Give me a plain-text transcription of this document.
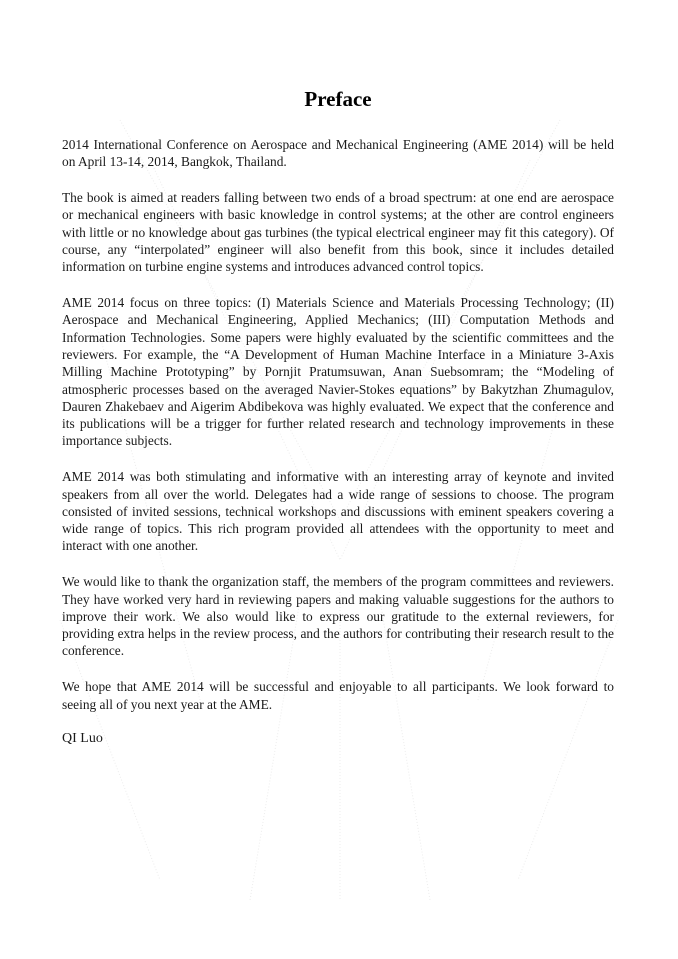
Preface

2014 International Conference on Aerospace and Mechanical Engineering (AME 2014) will be held on April 13-14, 2014, Bangkok, Thailand.

The book is aimed at readers falling between two ends of a broad spectrum: at one end are aerospace or mechanical engineers with basic knowledge in control systems; at the other are control engineers with little or no knowledge about gas turbines (the typical electrical engineer may fit this category). Of course, any “interpolated” engineer will also benefit from this book, since it includes detailed information on turbine engine systems and introduces advanced control topics.

AME 2014 focus on three topics: (I) Materials Science and Materials Processing Technology; (II) Aerospace and Mechanical Engineering, Applied Mechanics; (III) Computation Methods and Information Technologies. Some papers were highly evaluated by the scientific committees and the reviewers. For example, the “A Development of Human Machine Interface in a Miniature 3-Axis Milling Machine Prototyping” by Pornjit Pratumsuwan, Anan Suebsomram; the “Modeling of atmospheric processes based on the averaged Navier-Stokes equations” by Bakytzhan Zhumagulov, Dauren Zhakebaev and Aigerim Abdibekova was highly evaluated. We expect that the conference and its publications will be a trigger for further related research and technology improvements in these importance subjects.

AME 2014 was both stimulating and informative with an interesting array of keynote and invited speakers from all over the world. Delegates had a wide range of sessions to choose. The program consisted of invited sessions, technical workshops and discussions with eminent speakers covering a wide range of topics. This rich program provided all attendees with the opportunity to meet and interact with one another.

We would like to thank the organization staff, the members of the program committees and reviewers. They have worked very hard in reviewing papers and making valuable suggestions for the authors to improve their work. We also would like to express our gratitude to the external reviewers, for providing extra helps in the review process, and the authors for contributing their research result to the conference.

We hope that AME 2014 will be successful and enjoyable to all participants. We look forward to seeing all of you next year at the AME.

QI Luo
